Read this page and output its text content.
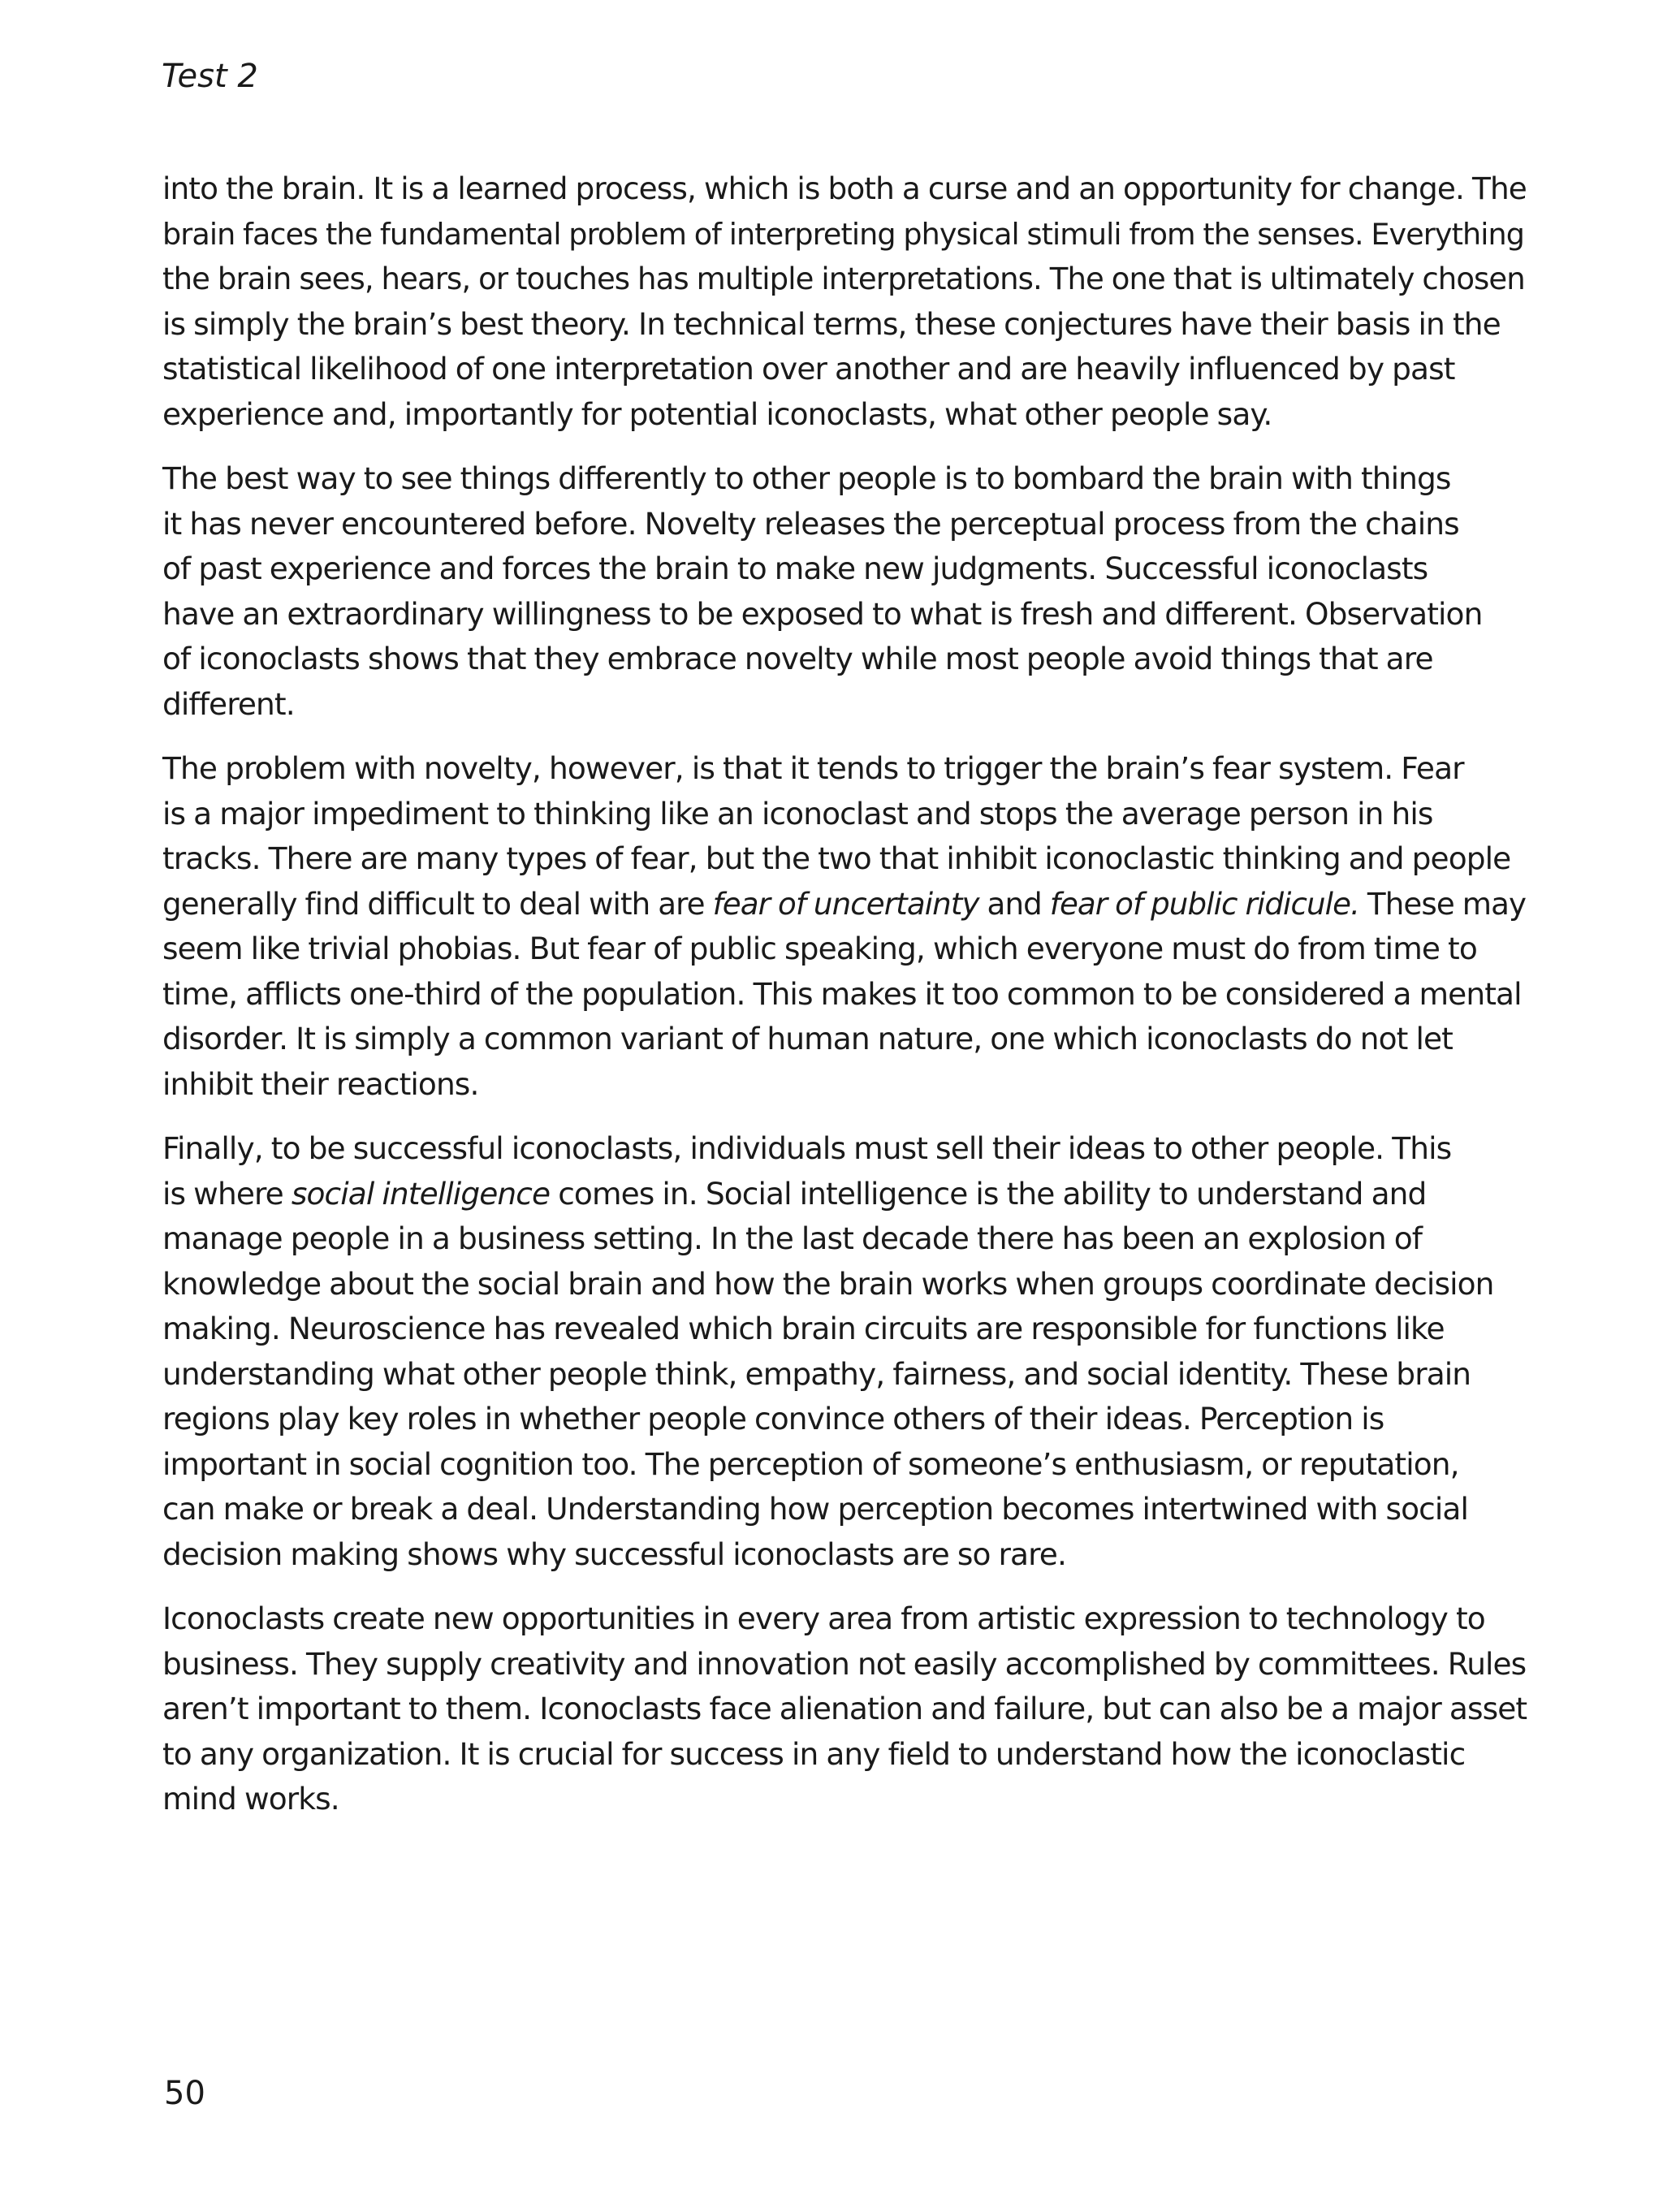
Test 2

into the brain. It is a learned process, which is both a curse and an opportunity for change. The
brain faces the fundamental problem of interpreting physical stimuli from the senses. Everything
the brain sees, hears, or touches has multiple interpretations. The one that is ultimately chosen
is simply the brain’s best theory. In technical terms, these conjectures have their basis in the
statistical likelihood of one interpretation over another and are heavily influenced by past
experience and, importantly for potential iconoclasts, what other people say.

The best way to see things differently to other people is to bombard the brain with things
it has never encountered before. Novelty releases the perceptual process from the chains
of past experience and forces the brain to make new judgments. Successful iconoclasts
have an extraordinary willingness to be exposed to what is fresh and different. Observation
of iconoclasts shows that they embrace novelty while most people avoid things that are
different.

The problem with novelty, however, is that it tends to trigger the brain’s fear system. Fear
is a major impediment to thinking like an iconoclast and stops the average person in his
tracks. There are many types of fear, but the two that inhibit iconoclastic thinking and people
generally find difficult to deal with are fear of uncertainty and fear of public ridicule. These may
seem like trivial phobias. But fear of public speaking, which everyone must do from time to
time, afflicts one-third of the population. This makes it too common to be considered a mental
disorder. It is simply a common variant of human nature, one which iconoclasts do not let
inhibit their reactions.

Finally, to be successful iconoclasts, individuals must sell their ideas to other people. This
is where social intelligence comes in. Social intelligence is the ability to understand and
manage people in a business setting. In the last decade there has been an explosion of
knowledge about the social brain and how the brain works when groups coordinate decision
making. Neuroscience has revealed which brain circuits are responsible for functions like
understanding what other people think, empathy, fairness, and social identity. These brain
regions play key roles in whether people convince others of their ideas. Perception is
important in social cognition too. The perception of someone’s enthusiasm, or reputation,
can make or break a deal. Understanding how perception becomes intertwined with social
decision making shows why successful iconoclasts are so rare.

Iconoclasts create new opportunities in every area from artistic expression to technology to
business. They supply creativity and innovation not easily accomplished by committees. Rules
aren’t important to them. Iconoclasts face alienation and failure, but can also be a major asset
to any organization. It is crucial for success in any field to understand how the iconoclastic
mind works.

50
